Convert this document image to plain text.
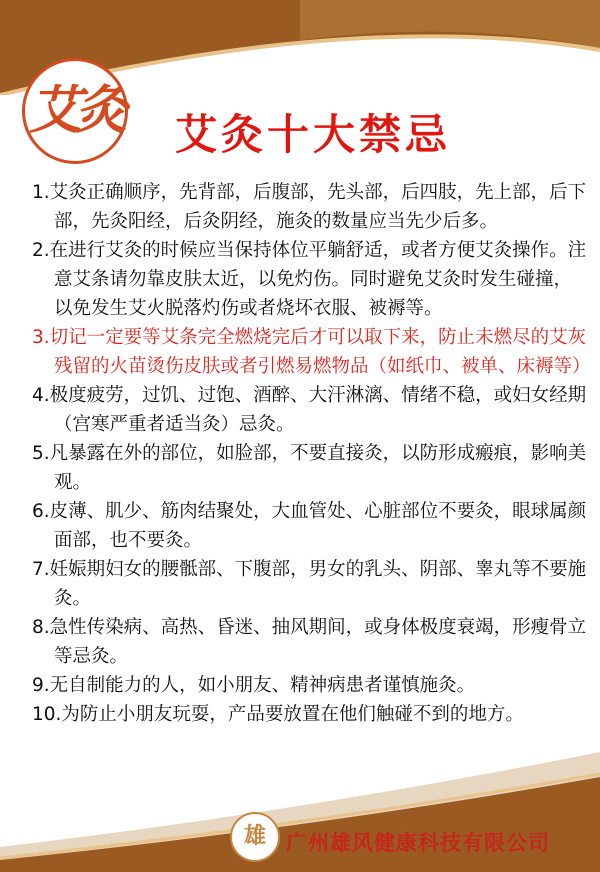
艾灸 艾灸十大禁忌

1.艾灸正确顺序，先背部，后腹部，先头部，后四肢，先上部，后下部，先灸阳经，后灸阴经，施灸的数量应当先少后多。

2.在进行艾灸的时候应当保持体位平躺舒适，或者方便艾灸操作。注意艾条请勿靠皮肤太近，以免灼伤。同时避免艾灸时发生碰撞，以免发生艾火脱落灼伤或者烧坏衣服、被褥等。

3.切记一定要等艾条完全燃烧完后才可以取下来，防止未燃尽的艾灰残留的火苗烫伤皮肤或者引燃易燃物品（如纸巾、被单、床褥等）

4.极度疲劳，过饥、过饱、酒醉、大汗淋漓、情绪不稳，或妇女经期（宫寒严重者适当灸）忌灸。

5.凡暴露在外的部位，如脸部，不要直接灸，以防形成瘢痕，影响美观。

6.皮薄、肌少、筋肉结聚处，大血管处、心脏部位不要灸，眼球属颜面部，也不要灸。

7.妊娠期妇女的腰骶部、下腹部，男女的乳头、阴部、睾丸等不要施灸。

8.急性传染病、高热、昏迷、抽风期间，或身体极度衰竭，形瘦骨立等忌灸。

9.无自制能力的人，如小朋友、精神病患者谨慎施灸。

10.为防止小朋友玩耍，产品要放置在他们触碰不到的地方。

雄 广州雄风健康科技有限公司
